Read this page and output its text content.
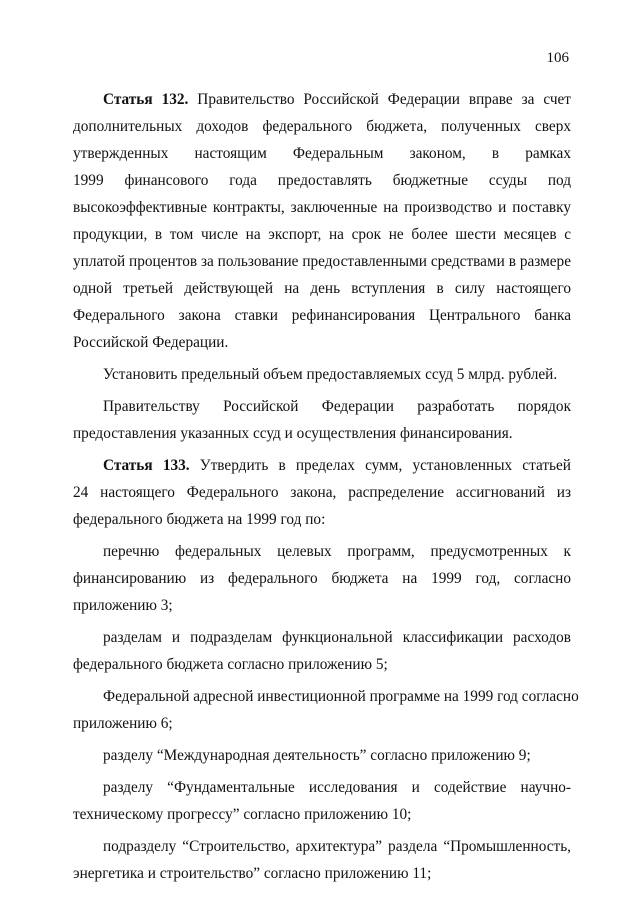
106

Статья 132. Правительство Российской Федерации вправе за счет
дополнительных доходов федерального бюджета, полученных сверх
утвержденных настоящим Федеральным законом, в рамках
1999 финансового года предоставлять бюджетные ссуды под
высокоэффективные контракты, заключенные на производство и поставку
продукции, в том числе на экспорт, на срок не более шести месяцев с
уплатой процентов за пользование предоставленными средствами в размере
одной третьей действующей на день вступления в силу настоящего
Федерального закона ставки рефинансирования Центрального банка
Российской Федерации.

Установить предельный объем предоставляемых ссуд 5 млрд. рублей.

Правительству Российской Федерации разработать порядок
предоставления указанных ссуд и осуществления финансирования.

Статья 133. Утвердить в пределах сумм, установленных статьей
24 настоящего Федерального закона, распределение ассигнований из
федерального бюджета на 1999 год по:

перечню федеральных целевых программ, предусмотренных к
финансированию из федерального бюджета на 1999 год, согласно
приложению 3;

разделам и подразделам функциональной классификации расходов
федерального бюджета согласно приложению 5;

Федеральной адресной инвестиционной программе на 1999 год согласно
приложению 6;

разделу “Международная деятельность” согласно приложению 9;

разделу “Фундаментальные исследования и содействие научно-
техническому прогрессу” согласно приложению 10;

подразделу “Строительство, архитектура” раздела “Промышленность,
энергетика и строительство” согласно приложению 11;
